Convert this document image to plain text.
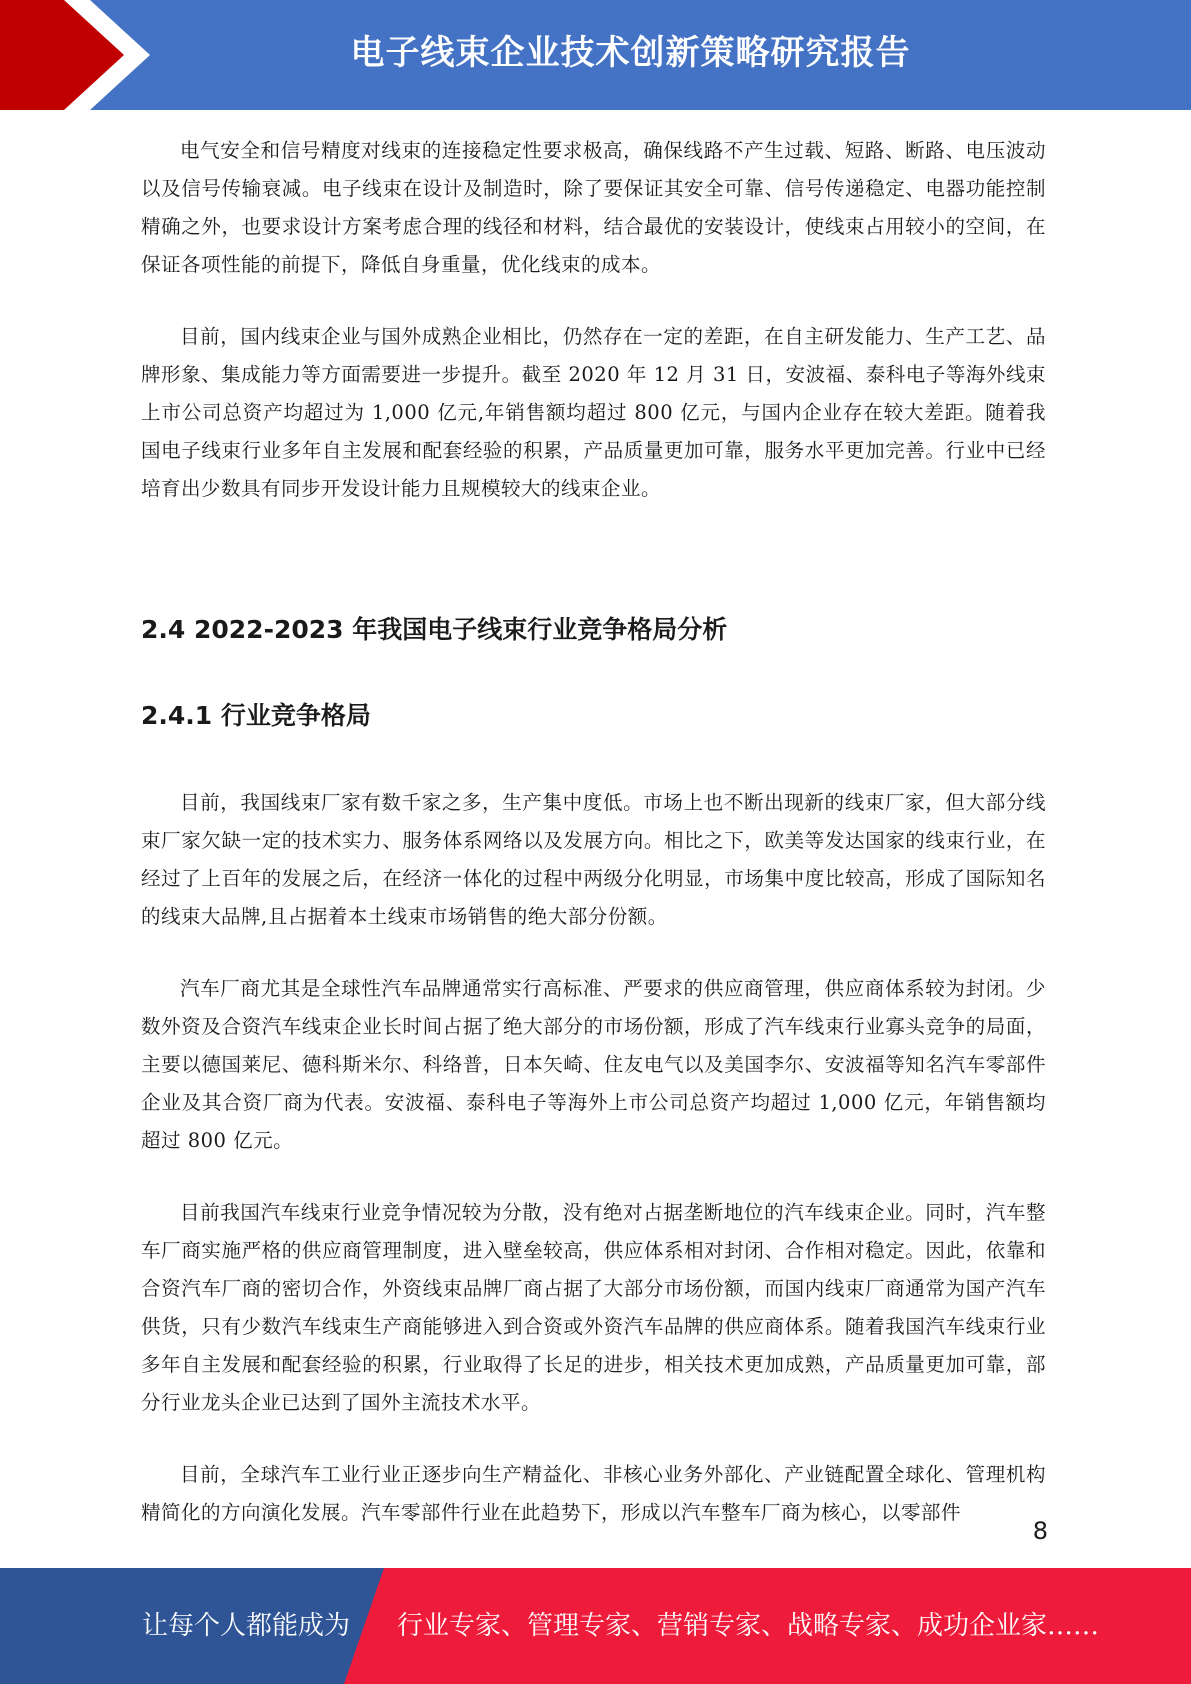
电子线束企业技术创新策略研究报告

电气安全和信号精度对线束的连接稳定性要求极高，确保线路不产生过载、短路、断路、电压波动以及信号传输衰减。电子线束在设计及制造时，除了要保证其安全可靠、信号传递稳定、电器功能控制精确之外，也要求设计方案考虑合理的线径和材料，结合最优的安装设计，使线束占用较小的空间，在保证各项性能的前提下，降低自身重量，优化线束的成本。

目前，国内线束企业与国外成熟企业相比，仍然存在一定的差距，在自主研发能力、生产工艺、品牌形象、集成能力等方面需要进一步提升。截至 2020 年 12 月 31 日，安波福、泰科电子等海外线束上市公司总资产均超过为 1,000 亿元,年销售额均超过 800 亿元，与国内企业存在较大差距。随着我国电子线束行业多年自主发展和配套经验的积累，产品质量更加可靠，服务水平更加完善。行业中已经培育出少数具有同步开发设计能力且规模较大的线束企业。

2.4 2022-2023 年我国电子线束行业竞争格局分析
2.4.1 行业竞争格局

目前，我国线束厂家有数千家之多，生产集中度低。市场上也不断出现新的线束厂家，但大部分线束厂家欠缺一定的技术实力、服务体系网络以及发展方向。相比之下，欧美等发达国家的线束行业，在经过了上百年的发展之后，在经济一体化的过程中两级分化明显，市场集中度比较高，形成了国际知名的线束大品牌,且占据着本土线束市场销售的绝大部分份额。

汽车厂商尤其是全球性汽车品牌通常实行高标准、严要求的供应商管理，供应商体系较为封闭。少数外资及合资汽车线束企业长时间占据了绝大部分的市场份额，形成了汽车线束行业寡头竞争的局面，主要以德国莱尼、德科斯米尔、科络普，日本矢崎、住友电气以及美国李尔、安波福等知名汽车零部件企业及其合资厂商为代表。安波福、泰科电子等海外上市公司总资产均超过 1,000 亿元，年销售额均超过 800 亿元。

目前我国汽车线束行业竞争情况较为分散，没有绝对占据垄断地位的汽车线束企业。同时，汽车整车厂商实施严格的供应商管理制度，进入壁垒较高，供应体系相对封闭、合作相对稳定。因此，依靠和合资汽车厂商的密切合作，外资线束品牌厂商占据了大部分市场份额，而国内线束厂商通常为国产汽车供货，只有少数汽车线束生产商能够进入到合资或外资汽车品牌的供应商体系。随着我国汽车线束行业多年自主发展和配套经验的积累，行业取得了长足的进步，相关技术更加成熟，产品质量更加可靠，部分行业龙头企业已达到了国外主流技术水平。

目前，全球汽车工业行业正逐步向生产精益化、非核心业务外部化、产业链配置全球化、管理机构精简化的方向演化发展。汽车零部件行业在此趋势下，形成以汽车整车厂商为核心，以零部件

8
让每个人都能成为 行业专家、管理专家、营销专家、战略专家、成功企业家……
